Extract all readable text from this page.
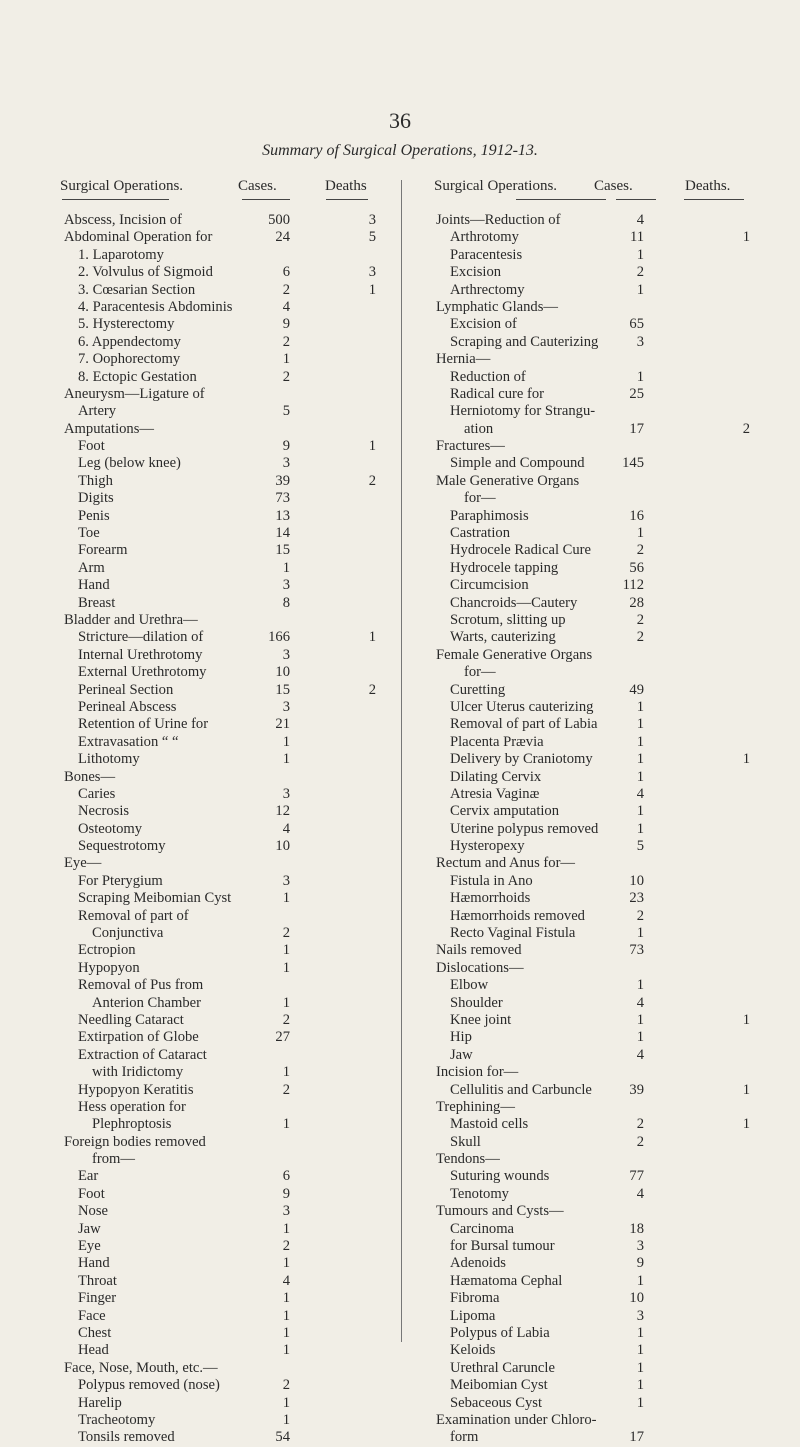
36
Summary of Surgical Operations, 1912-13.
Surgical Operations.	Cases.	Deaths	Surgical Operations. Cases.	Deaths.
Abscess, Incision of	500	3
Abdominal Operation for	24	5
1. Laparotomy
2. Volvulus of Sigmoid	6	3
3. Cœsarian Section	2	1
4. Paracentesis Abdominis	4
5. Hysterectomy	9
6. Appendectomy	2
7. Oophorectomy	1
8. Ectopic Gestation	2
Aneurysm—Ligature of
Artery	5
Amputations—
Foot	9	1
Leg (below knee)	3
Thigh	39	2
Digits	73
Penis	13
Toe	14
Forearm	15
Arm	1
Hand	3
Breast	8
Bladder and Urethra—
Stricture—dilation of	166	1
Internal Urethrotomy	3
External Urethrotomy	10
Perineal Section	15	2
Perineal Abscess	3
Retention of Urine for	21
Extravasation “ “	1
Lithotomy	1
Bones—
Caries	3
Necrosis	12
Osteotomy	4
Sequestrotomy	10
Eye—
For Pterygium	3
Scraping Meibomian Cyst	1
Removal of part of
Conjunctiva	2
Ectropion	1
Hypopyon	1
Removal of Pus from
Anterion Chamber	1
Needling Cataract	2
Extirpation of Globe	27
Extraction of Cataract
with Iridictomy	1
Hypopyon Keratitis	2
Hess operation for
Plephroptosis	1
Foreign bodies removed
from—
Ear	6
Foot	9
Nose	3
Jaw	1
Eye	2
Hand	1
Throat	4
Finger	1
Face	1
Chest	1
Head	1
Face, Nose, Mouth, etc.—
Polypus removed (nose)	2
Harelip	1
Tracheotomy	1
Tonsils removed	54
Joints—Reduction of	4
Arthrotomy	11	1
Paracentesis	1
Excision	2
Arthrectomy	1
Lymphatic Glands—
Excision of	65
Scraping and Cauterizing	3
Hernia—
Reduction of	1
Radical cure for	25
Herniotomy for Strangu-
ation	17	2
Fractures—
Simple and Compound	145
Male Generative Organs
for—
Paraphimosis	16
Castration	1
Hydrocele Radical Cure	2
Hydrocele tapping	56
Circumcision	112
Chancroids—Cautery	28
Scrotum, slitting up	2
Warts, cauterizing	2
Female Generative Organs
for—
Curetting	49
Ulcer Uterus cauterizing	1
Removal of part of Labia	1
Placenta Prævia	1
Delivery by Craniotomy	1	1
Dilating Cervix	1
Atresia Vaginæ	4
Cervix amputation	1
Uterine polypus removed	1
Hysteropexy	5
Rectum and Anus for—
Fistula in Ano	10
Hæmorrhoids	23
Hæmorrhoids removed	2
Recto Vaginal Fistula	1
Nails removed	73
Dislocations—
Elbow	1
Shoulder	4
Knee joint	1	1
Hip	1
Jaw	4
Incision for—
Cellulitis and Carbuncle	39	1
Trephining—
Mastoid cells	2	1
Skull	2
Tendons—
Suturing wounds	77
Tenotomy	4
Tumours and Cysts—
Carcinoma	18
for Bursal tumour	3
Adenoids	9
Hæmatoma Cephal	1
Fibroma	10
Lipoma	3
Polypus of Labia	1
Keloids	1
Urethral Caruncle	1
Meibomian Cyst	1
Sebaceous Cyst	1
Examination under Chloro-
form	17
